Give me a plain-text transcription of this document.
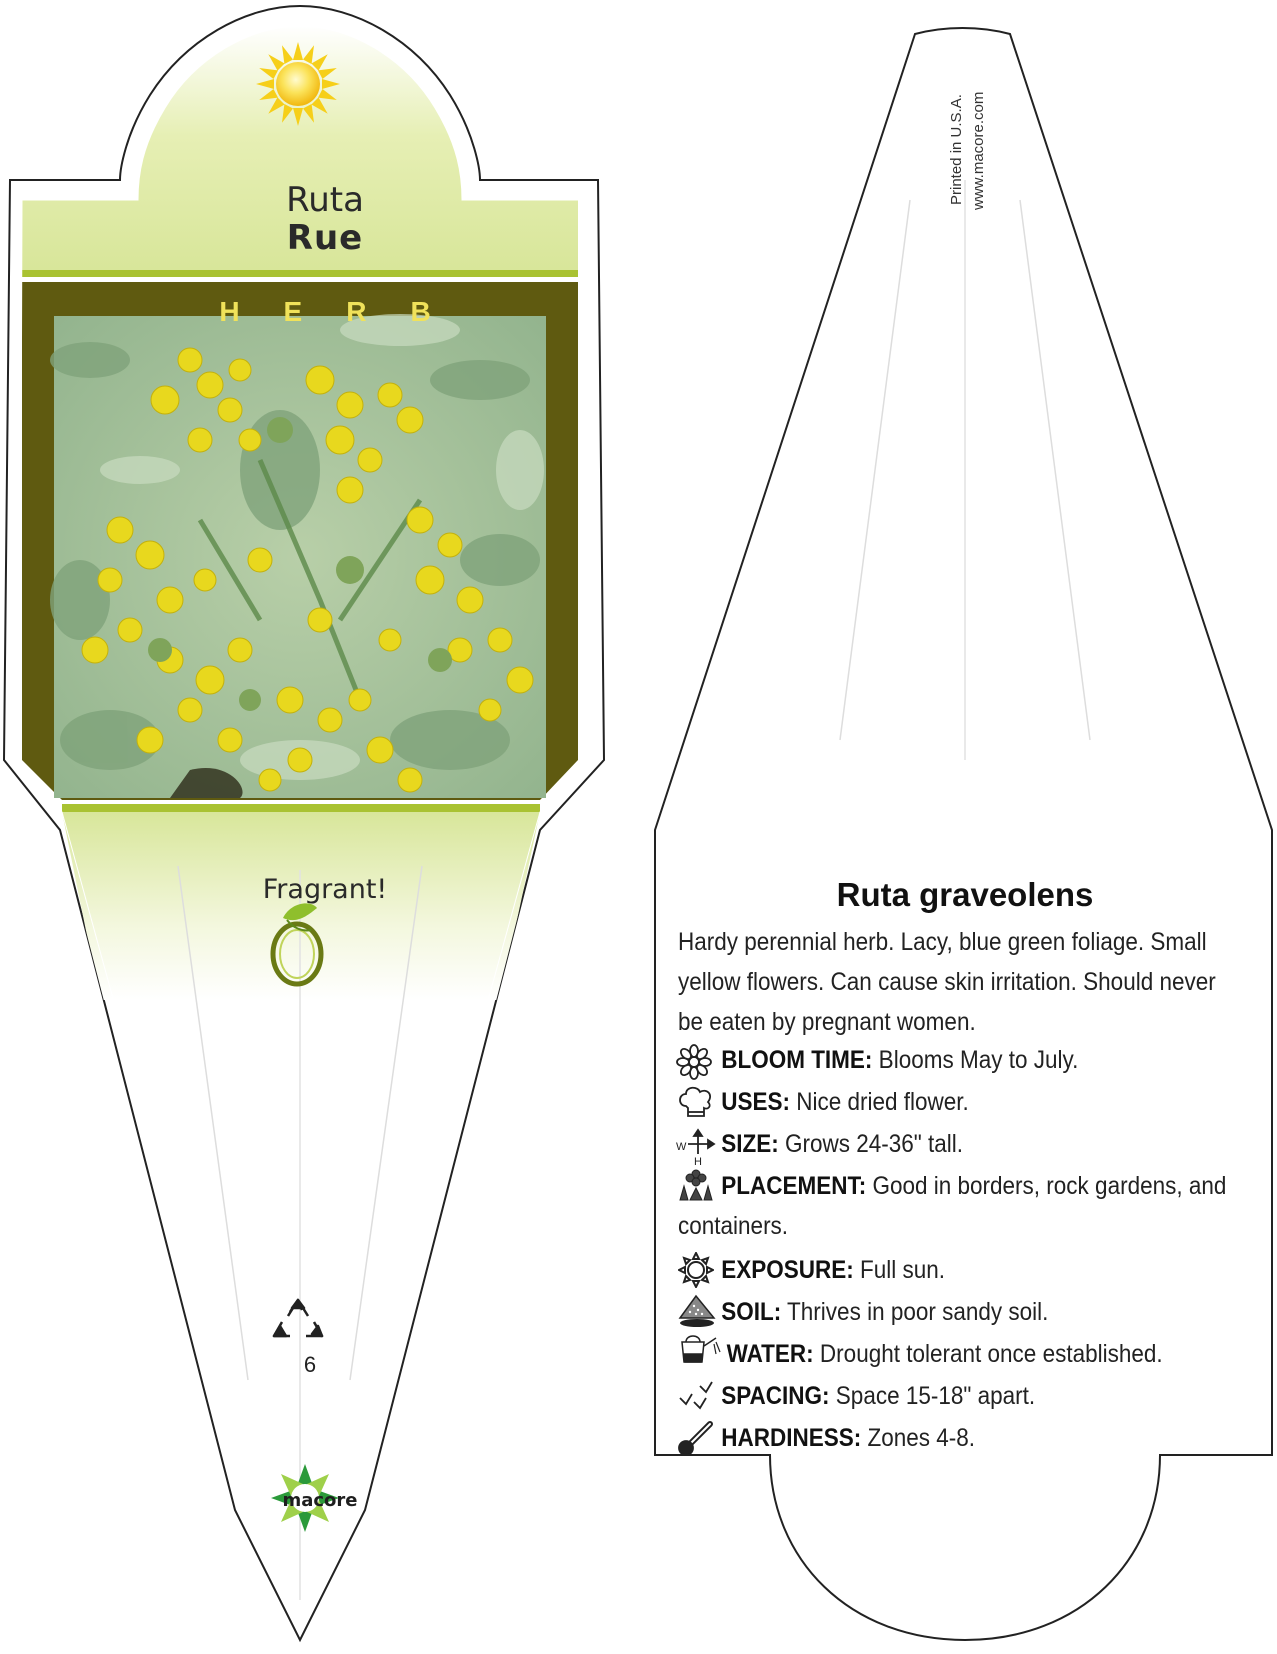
Ruta
Rue
HERB
Fragrant!
6
macore
Printed in U.S.A. www.macore.com
Ruta graveolens
Hardy perennial herb. Lacy, blue green foliage. Small yellow flowers. Can cause skin irritation. Should never be eaten by pregnant women.
BLOOM TIME: Blooms May to July.
USES: Nice dried flower.
SIZE: Grows 24-36" tall.
PLACEMENT: Good in borders, rock gardens, and containers.
EXPOSURE: Full sun.
SOIL: Thrives in poor sandy soil.
WATER: Drought tolerant once established.
SPACING: Space 15-18" apart.
HARDINESS: Zones 4-8.
W
H
